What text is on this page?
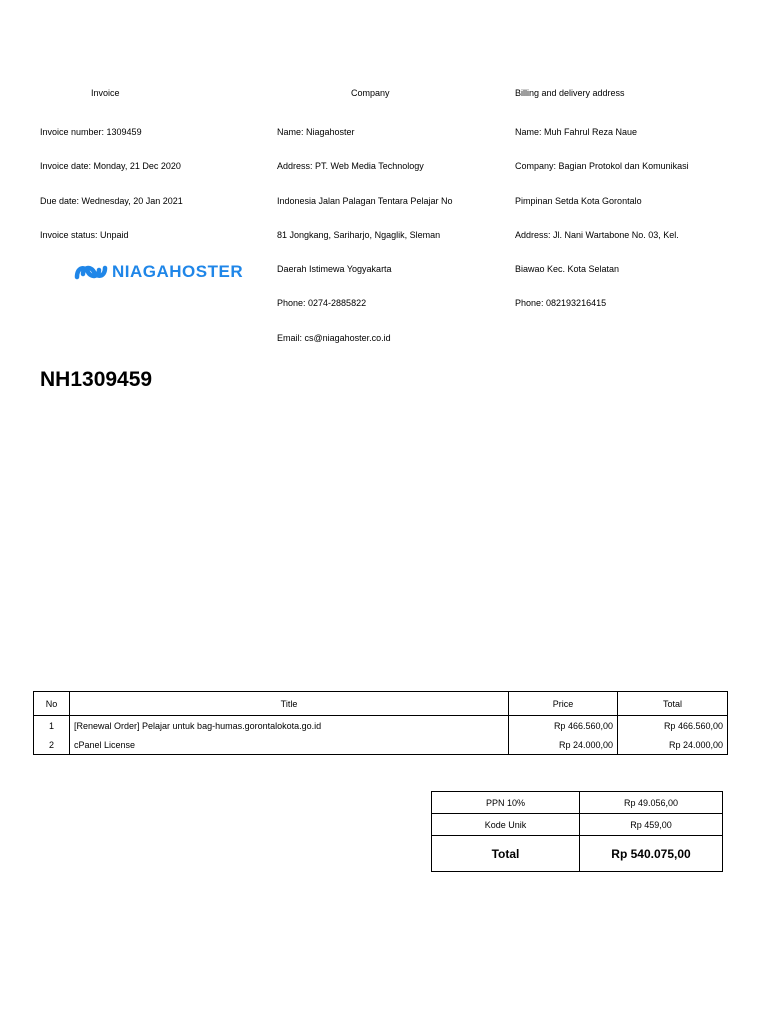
Invoice	Company	Billing and delivery address
Invoice number: 1309459
Invoice date: Monday, 21 Dec 2020
Due date: Wednesday, 20 Jan 2021
Invoice status: Unpaid
NIAGAHOSTER
Name: Niagahoster
Address: PT. Web Media Technology
Indonesia Jalan Palagan Tentara Pelajar No
81 Jongkang, Sariharjo, Ngaglik, Sleman
Daerah Istimewa Yogyakarta
Phone: 0274-2885822
Email: cs@niagahoster.co.id
Name: Muh Fahrul Reza Naue
Company: Bagian Protokol dan Komunikasi
Pimpinan Setda Kota Gorontalo
Address: Jl. Nani Wartabone No. 03, Kel.
Biawao Kec. Kota Selatan
Phone: 082193216415
NH1309459
No	Title	Price	Total
1	[Renewal Order] Pelajar untuk bag-humas.gorontalokota.go.id	Rp 466.560,00	Rp 466.560,00
2	cPanel License	Rp 24.000,00	Rp 24.000,00
PPN 10%	Rp 49.056,00
Kode Unik	Rp 459,00
Total	Rp 540.075,00
